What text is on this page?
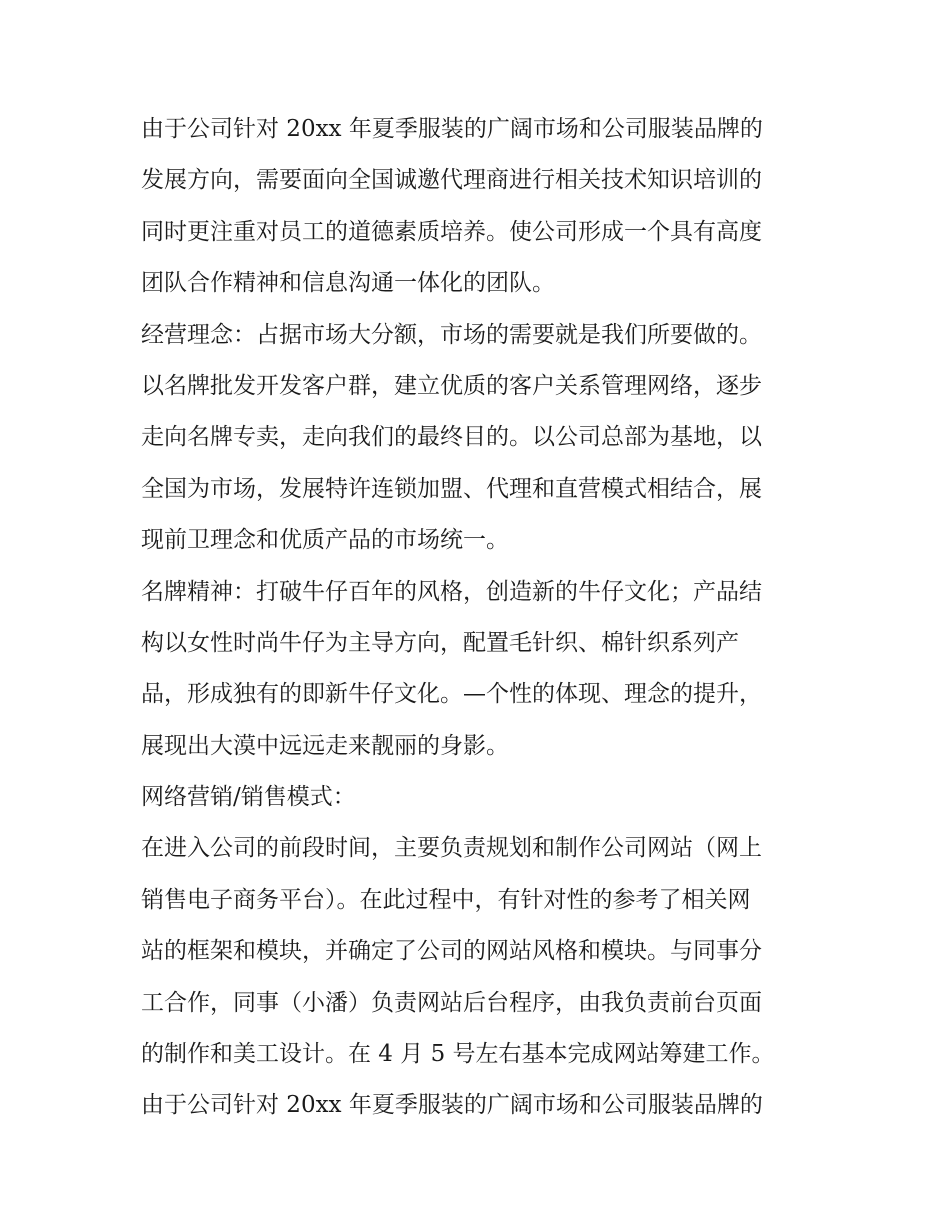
由于公司针对 20xx 年夏季服装的广阔市场和公司服装品牌的
发展方向，需要面向全国诚邀代理商进行相关技术知识培训的
同时更注重对员工的道德素质培养。使公司形成一个具有高度
团队合作精神和信息沟通一体化的团队。
经营理念：占据市场大分额，市场的需要就是我们所要做的。
以名牌批发开发客户群，建立优质的客户关系管理网络，逐步
走向名牌专卖，走向我们的最终目的。以公司总部为基地，以
全国为市场，发展特许连锁加盟、代理和直营模式相结合，展
现前卫理念和优质产品的市场统一。
名牌精神：打破牛仔百年的风格，创造新的牛仔文化；产品结
构以女性时尚牛仔为主导方向，配置毛针织、棉针织系列产
品，形成独有的即新牛仔文化。—个性的体现、理念的提升，
展现出大漠中远远走来靓丽的身影。
网络营销/销售模式：
在进入公司的前段时间，主要负责规划和制作公司网站（网上
销售电子商务平台）。在此过程中，有针对性的参考了相关网
站的框架和模块，并确定了公司的网站风格和模块。与同事分
工合作，同事（小潘）负责网站后台程序，由我负责前台页面
的制作和美工设计。在 4 月 5 号左右基本完成网站筹建工作。
由于公司针对 20xx 年夏季服装的广阔市场和公司服装品牌的
